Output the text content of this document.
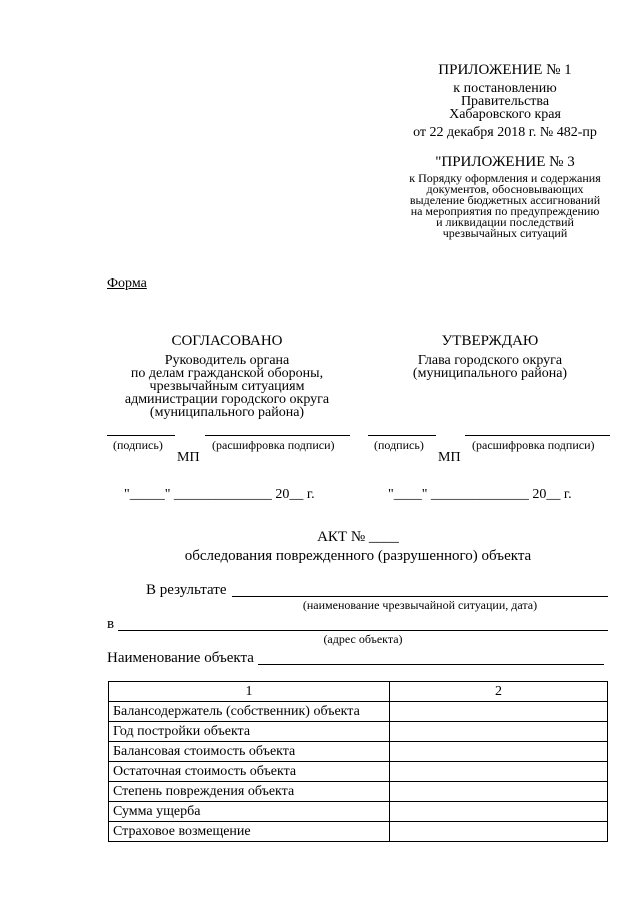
ПРИЛОЖЕНИЕ № 1
к постановлению
Правительства
Хабаровского края
от 22 декабря 2018 г. № 482-пр
"ПРИЛОЖЕНИЕ № 3
к Порядку оформления и содержания
документов, обосновывающих
выделение бюджетных ассигнований
на мероприятия по предупреждению
и ликвидации последствий
чрезвычайных ситуаций
Форма
СОГЛАСОВАНО
Руководитель органа
по делам гражданской обороны,
чрезвычайным ситуациям
администрации городского округа
(муниципального района)
(подпись)	(расшифровка подписи)
МП
"_____" ______________ 20__ г.
УТВЕРЖДАЮ
Глава городского округа
(муниципального района)
(подпись)	(расшифровка подписи)
МП
"____" ______________ 20__ г.
АКТ № ____
обследования поврежденного (разрушенного) объекта
В результате
(наименование чрезвычайной ситуации, дата)
в
(адрес объекта)
Наименование объекта
1	2
Балансодержатель (собственник) объекта	
Год постройки объекта	
Балансовая стоимость объекта	
Остаточная стоимость объекта	
Степень повреждения объекта	
Сумма ущерба	
Страховое возмещение	
